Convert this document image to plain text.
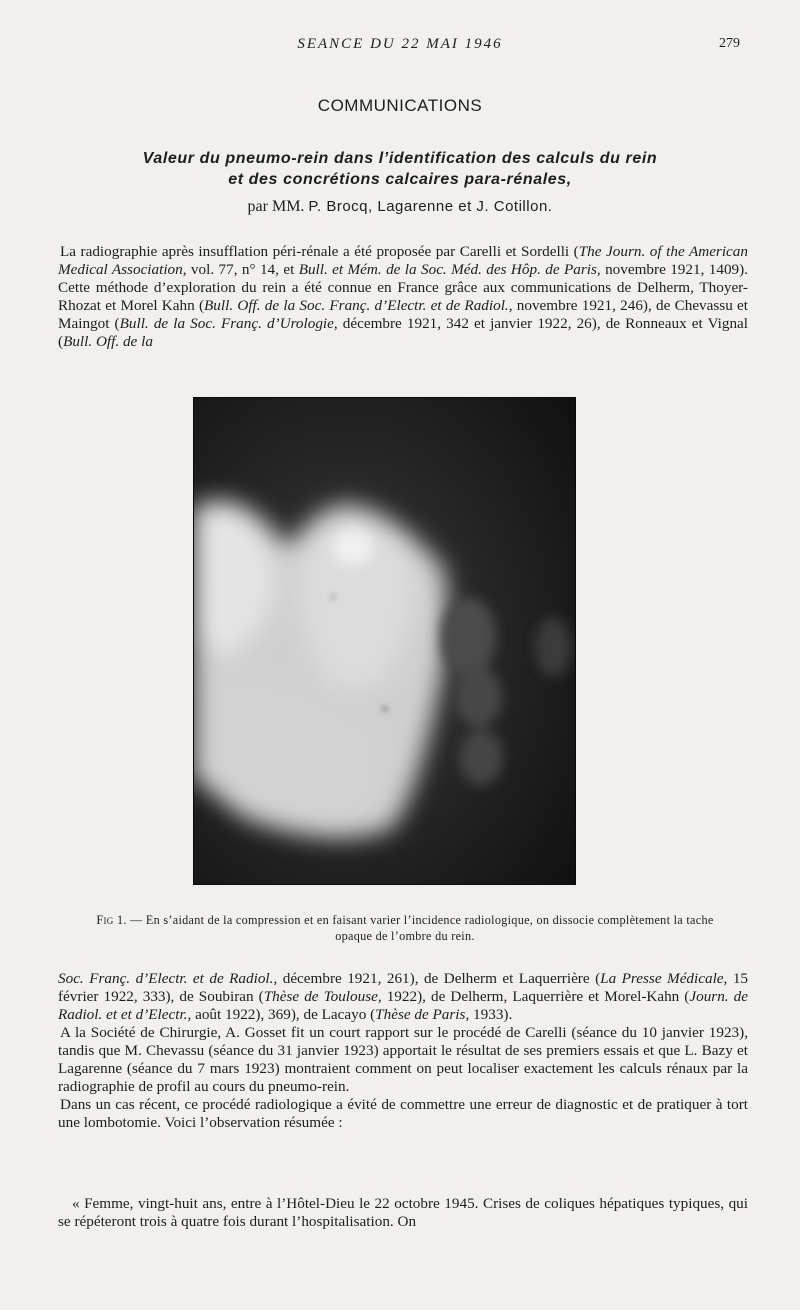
SEANCE DU 22 MAI 1946	279
COMMUNICATIONS
Valeur du pneumo-rein dans l’identification des calculs du rein
et des concrétions calcaires para-rénales,
par MM. P. Brocq, Lagarenne et J. Cotillon.

La radiographie après insufflation péri-rénale a été proposée par Carelli et Sordelli (The Journ. of the American Medical Association, vol. 77, n° 14, et Bull. et Mém. de la Soc. Méd. des Hôp. de Paris, novembre 1921, 1409). Cette méthode d’exploration du rein a été connue en France grâce aux communications de Delherm, Thoyer-Rhozat et Morel Kahn (Bull. Off. de la Soc. Franç. d’Electr. et de Radiol., novembre 1921, 246), de Chevassu et Maingot (Bull. de la Soc. Franç. d’Urologie, décembre 1921, 342 et janvier 1922, 26), de Ronneaux et Vignal (Bull. Off. de la

Fig 1. — En s’aidant de la compression et en faisant varier l’incidence radiologique, on dissocie complètement la tache opaque de l’ombre du rein.

Soc. Franç. d’Electr. et de Radiol., décembre 1921, 261), de Delherm et Laquerrière (La Presse Médicale, 15 février 1922, 333), de Soubiran (Thèse de Toulouse, 1922), de Delherm, Laquerrière et Morel-Kahn (Journ. de Radiol. et et d’Electr., août 1922), 369), de Lacayo (Thèse de Paris, 1933).

A la Société de Chirurgie, A. Gosset fit un court rapport sur le procédé de Carelli (séance du 10 janvier 1923), tandis que M. Chevassu (séance du 31 janvier 1923) apportait le résultat de ses premiers essais et que L. Bazy et Lagarenne (séance du 7 mars 1923) montraient comment on peut localiser exactement les calculs rénaux par la radiographie de profil au cours du pneumo-rein.

Dans un cas récent, ce procédé radiologique a évité de commettre une erreur de diagnostic et de pratiquer à tort une lombotomie. Voici l’observation résumée :

« Femme, vingt-huit ans, entre à l’Hôtel-Dieu le 22 octobre 1945. Crises de coliques hépatiques typiques, qui se répéteront trois à quatre fois durant l’hospitalisation. On
